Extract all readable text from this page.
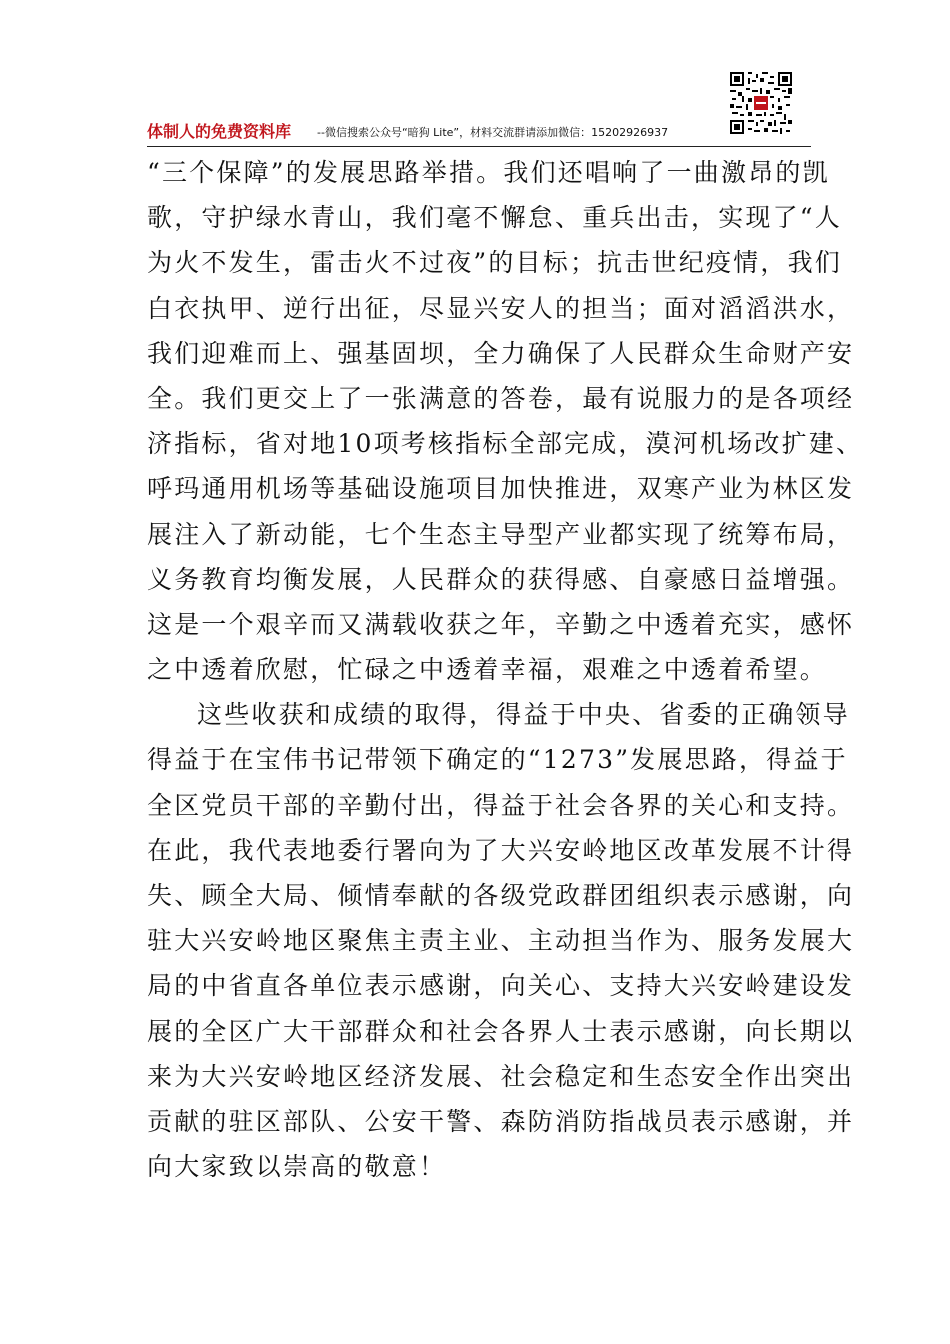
体制人的免费资料库 --微信搜索公众号“暗狗 Lite”，材料交流群请添加微信：15202926937
“三个保障”的发展思路举措。我们还唱响了一曲激昂的凯
歌，守护绿水青山，我们毫不懈怠、重兵出击，实现了“人
为火不发生，雷击火不过夜”的目标；抗击世纪疫情，我们
白衣执甲、逆行出征，尽显兴安人的担当；面对滔滔洪水，
我们迎难而上、强基固坝，全力确保了人民群众生命财产安
全。我们更交上了一张满意的答卷，最有说服力的是各项经
济指标，省对地10项考核指标全部完成，漠河机场改扩建、
呼玛通用机场等基础设施项目加快推进，双寒产业为林区发
展注入了新动能，七个生态主导型产业都实现了统筹布局，
义务教育均衡发展，人民群众的获得感、自豪感日益增强。
这是一个艰辛而又满载收获之年，辛勤之中透着充实，感怀
之中透着欣慰，忙碌之中透着幸福，艰难之中透着希望。
这些收获和成绩的取得，得益于中央、省委的正确领导
得益于在宝伟书记带领下确定的“1273”发展思路，得益于
全区党员干部的辛勤付出，得益于社会各界的关心和支持。
在此，我代表地委行署向为了大兴安岭地区改革发展不计得
失、顾全大局、倾情奉献的各级党政群团组织表示感谢，向
驻大兴安岭地区聚焦主责主业、主动担当作为、服务发展大
局的中省直各单位表示感谢，向关心、支持大兴安岭建设发
展的全区广大干部群众和社会各界人士表示感谢，向长期以
来为大兴安岭地区经济发展、社会稳定和生态安全作出突出
贡献的驻区部队、公安干警、森防消防指战员表示感谢，并
向大家致以崇高的敬意！
